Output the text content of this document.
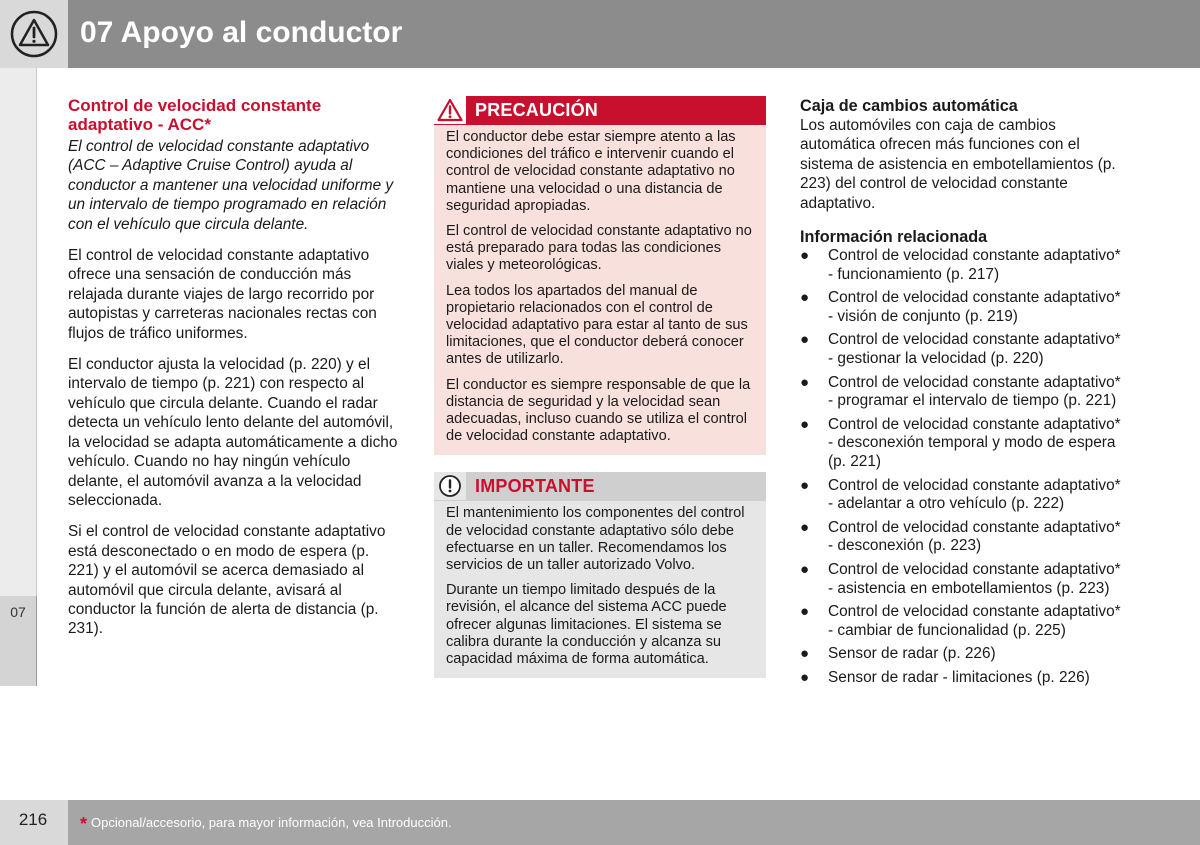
07 Apoyo al conductor
07
Control de velocidad constante adaptativo - ACC*

El control de velocidad constante adaptativo (ACC – Adaptive Cruise Control) ayuda al conductor a mantener una velocidad uniforme y un intervalo de tiempo programado en relación con el vehículo que circula delante.

El control de velocidad constante adaptativo ofrece una sensación de conducción más relajada durante viajes de largo recorrido por autopistas y carreteras nacionales rectas con flujos de tráfico uniformes.

El conductor ajusta la velocidad (p. 220) y el intervalo de tiempo (p. 221) con respecto al vehículo que circula delante. Cuando el radar detecta un vehículo lento delante del automóvil, la velocidad se adapta automáticamente a dicho vehículo. Cuando no hay ningún vehículo delante, el automóvil avanza a la velocidad seleccionada.

Si el control de velocidad constante adaptativo está desconectado o en modo de espera (p. 221) y el automóvil se acerca demasiado al automóvil que circula delante, avisará al conductor la función de alerta de distancia (p. 231).

PRECAUCIÓN

El conductor debe estar siempre atento a las condiciones del tráfico e intervenir cuando el control de velocidad constante adaptativo no mantiene una velocidad o una distancia de seguridad apropiadas.

El control de velocidad constante adaptativo no está preparado para todas las condiciones viales y meteorológicas.

Lea todos los apartados del manual de propietario relacionados con el control de velocidad adaptativo para estar al tanto de sus limitaciones, que el conductor deberá conocer antes de utilizarlo.

El conductor es siempre responsable de que la distancia de seguridad y la velocidad sean adecuadas, incluso cuando se utiliza el control de velocidad constante adaptativo.

IMPORTANTE

El mantenimiento los componentes del control de velocidad constante adaptativo sólo debe efectuarse en un taller. Recomendamos los servicios de un taller autorizado Volvo.

Durante un tiempo limitado después de la revisión, el alcance del sistema ACC puede ofrecer algunas limitaciones. El sistema se calibra durante la conducción y alcanza su capacidad máxima de forma automática.

Caja de cambios automática

Los automóviles con caja de cambios automática ofrecen más funciones con el sistema de asistencia en embotellamientos (p. 223) del control de velocidad constante adaptativo.

Información relacionada
● Control de velocidad constante adaptativo* - funcionamiento (p. 217)
● Control de velocidad constante adaptativo* - visión de conjunto (p. 219)
● Control de velocidad constante adaptativo* - gestionar la velocidad (p. 220)
● Control de velocidad constante adaptativo* - programar el intervalo de tiempo (p. 221)
● Control de velocidad constante adaptativo* - desconexión temporal y modo de espera (p. 221)
● Control de velocidad constante adaptativo* - adelantar a otro vehículo (p. 222)
● Control de velocidad constante adaptativo* - desconexión (p. 223)
● Control de velocidad constante adaptativo* - asistencia en embotellamientos (p. 223)
● Control de velocidad constante adaptativo* - cambiar de funcionalidad (p. 225)
● Sensor de radar (p. 226)
● Sensor de radar - limitaciones (p. 226)
216	* Opcional/accesorio, para mayor información, vea Introducción.
